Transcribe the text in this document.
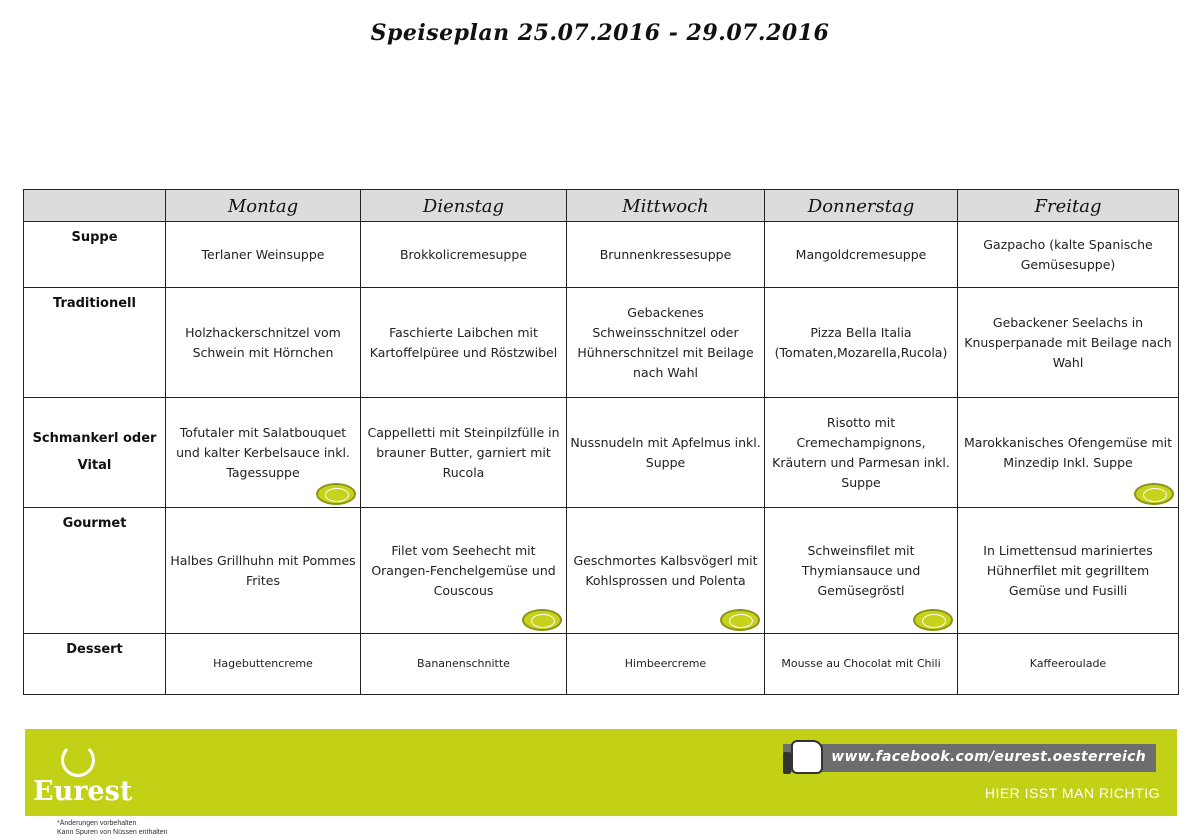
Speiseplan 25.07.2016 - 29.07.2016
	Montag	Dienstag	Mittwoch	Donnerstag	Freitag
Suppe	Terlaner Weinsuppe	Brokkolicremesuppe	Brunnenkressesuppe	Mangoldcremesuppe	Gazpacho (kalte Spanische Gemüsesuppe)
Traditionell	Holzhackerschnitzel vom Schwein mit Hörnchen	Faschierte Laibchen mit Kartoffelpüree und Röstzwibel	Gebackenes Schweinsschnitzel oder Hühnerschnitzel mit Beilage nach Wahl	Pizza Bella Italia (Tomaten,Mozarella,Rucola)	Gebackener Seelachs in Knusperpanade mit Beilage nach Wahl
Schmankerl oder Vital	Tofutaler mit Salatbouquet und kalter Kerbelsauce inkl. Tagessuppe	Cappelletti mit Steinpilzfülle in brauner Butter, garniert mit Rucola	Nussnudeln mit Apfelmus inkl. Suppe	Risotto mit Cremechampignons, Kräutern und Parmesan inkl. Suppe	Marokkanisches Ofengemüse mit Minzedip Inkl. Suppe

Gourmet	Halbes Grillhuhn mit Pommes Frites	Filet vom Seehecht mit Orangen-Fenchelgemüse und Couscous	Geschmortes Kalbsvögerl mit Kohlsprossen und Polenta	Schweinsfilet mit Thymiansauce und Gemüsegröstl	In Limettensud mariniertes Hühnerfilet mit gegrilltem Gemüse und Fusilli
Dessert	Hagebuttencreme	Bananenschnitte	Himbeercreme	Mousse au Chocolat mit Chili	Kaffeeroulade
Eurest
www.facebook.com/eurest.oesterreich
HIER ISST MAN RICHTIG
*Änderungen vorbehalten
Kann Spuren von Nüssen enthalten
